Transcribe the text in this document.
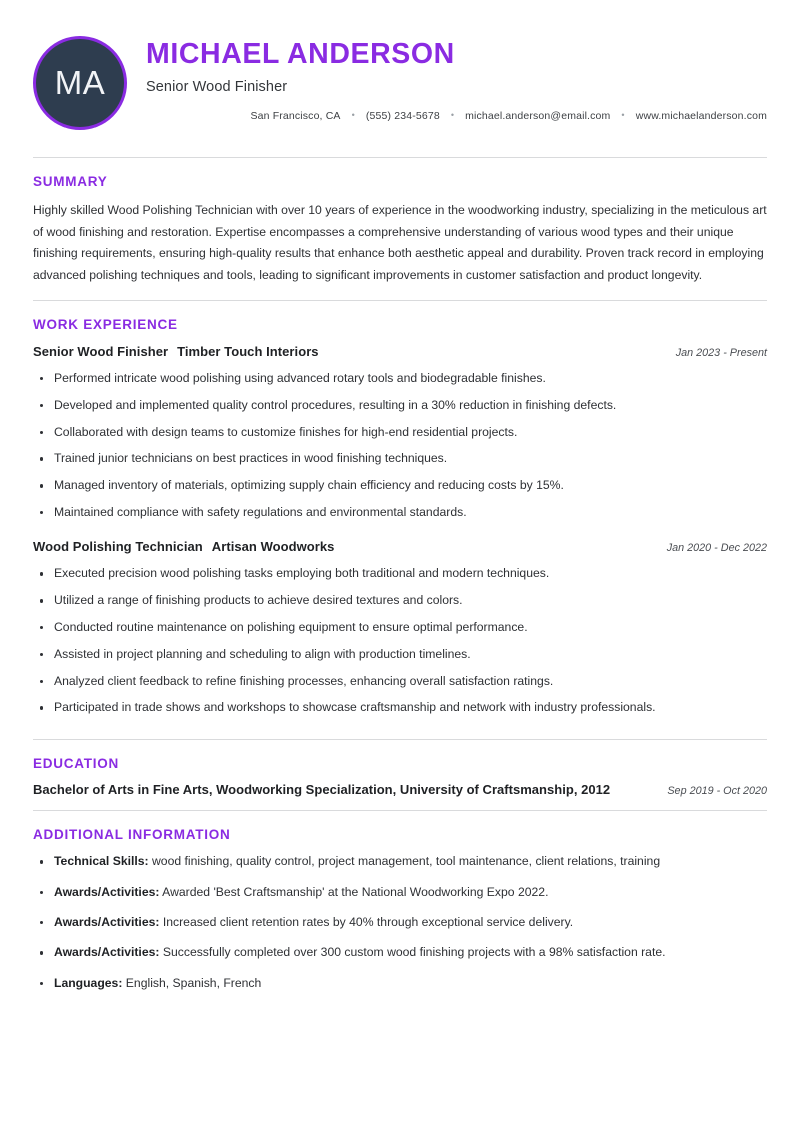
MA
MICHAEL ANDERSON
Senior Wood Finisher
San Francisco, CA • (555) 234-5678 • michael.anderson@email.com • www.michaelanderson.com
SUMMARY
Highly skilled Wood Polishing Technician with over 10 years of experience in the woodworking industry, specializing in the meticulous art of wood finishing and restoration. Expertise encompasses a comprehensive understanding of various wood types and their unique finishing requirements, ensuring high-quality results that enhance both aesthetic appeal and durability. Proven track record in employing advanced polishing techniques and tools, leading to significant improvements in customer satisfaction and product longevity.
WORK EXPERIENCE
Senior Wood Finisher Timber Touch Interiors	Jan 2023 - Present
Performed intricate wood polishing using advanced rotary tools and biodegradable finishes.
Developed and implemented quality control procedures, resulting in a 30% reduction in finishing defects.
Collaborated with design teams to customize finishes for high-end residential projects.
Trained junior technicians on best practices in wood finishing techniques.
Managed inventory of materials, optimizing supply chain efficiency and reducing costs by 15%.
Maintained compliance with safety regulations and environmental standards.
Wood Polishing Technician Artisan Woodworks	Jan 2020 - Dec 2022
Executed precision wood polishing tasks employing both traditional and modern techniques.
Utilized a range of finishing products to achieve desired textures and colors.
Conducted routine maintenance on polishing equipment to ensure optimal performance.
Assisted in project planning and scheduling to align with production timelines.
Analyzed client feedback to refine finishing processes, enhancing overall satisfaction ratings.
Participated in trade shows and workshops to showcase craftsmanship and network with industry professionals.
EDUCATION
Bachelor of Arts in Fine Arts, Woodworking Specialization, University of Craftsmanship, 2012	Sep 2019 - Oct 2020
ADDITIONAL INFORMATION
Technical Skills: wood finishing, quality control, project management, tool maintenance, client relations, training
Awards/Activities: Awarded 'Best Craftsmanship' at the National Woodworking Expo 2022.
Awards/Activities: Increased client retention rates by 40% through exceptional service delivery.
Awards/Activities: Successfully completed over 300 custom wood finishing projects with a 98% satisfaction rate.
Languages: English, Spanish, French
